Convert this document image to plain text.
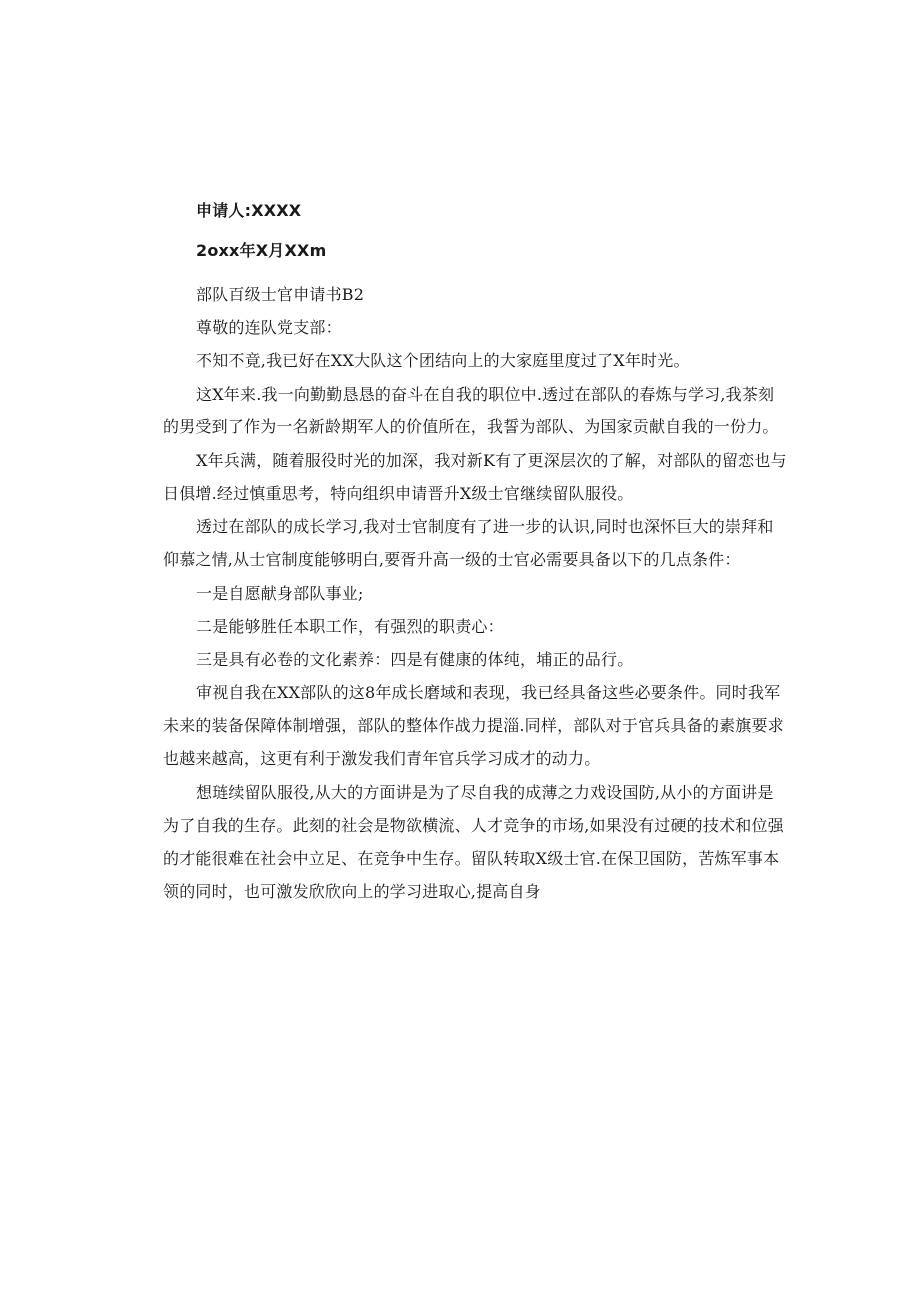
申请人:XXXX
2oxx年X月XXm
部队百级士官申请书B2
尊敬的连队党支部：
不知不竟,我已好在XX大队这个团结向上的大家庭里度过了X年时光。
这X年来.我一向勤勤恳恳的奋斗在自我的职位中.透过在部队的春炼与学习,我茶刻
的男受到了作为一名新龄期军人的价值所在，我誓为部队、为国家贡献自我的一份力。
X年兵满，随着服役时光的加深，我对新K有了更深层次的了解，对部队的留恋也与
日俱增.经过慎重思考，特向组织申请晋升X级士官继续留队服役。
透过在部队的成长学习,我对士官制度有了进一步的认识,同时也深怀巨大的崇拜和
仰慕之情,从士官制度能够明白,要胥升高一级的士官必需要具备以下的几点条件：
一是自愿献身部队事业;
二是能够胜任本职工作，有强烈的职责心：
三是具有必卷的文化素养：四是有健康的体纯，埔正的品行。
审视自我在XX部队的这8年成长磨域和表现，我已经具备这些必要条件。同时我军
未来的装备保障体制增强，部队的整体作战力提淄.同样，部队对于官兵具备的素旗要求
也越来越高，这更有利于激发我们青年官兵学习成才的动力。
想琏续留队服役,从大的方面讲是为了尽自我的成薄之力戏设国防,从小的方面讲是
为了自我的生存。此刻的社会是物欲横流、人才竞争的市场,如果没有过硬的技术和位强
的才能很难在社会中立足、在竞争中生存。留队转取X级士官.在保卫国防，苦炼军事本
领的同时，也可激发欣欣向上的学习进取心,提高自身
